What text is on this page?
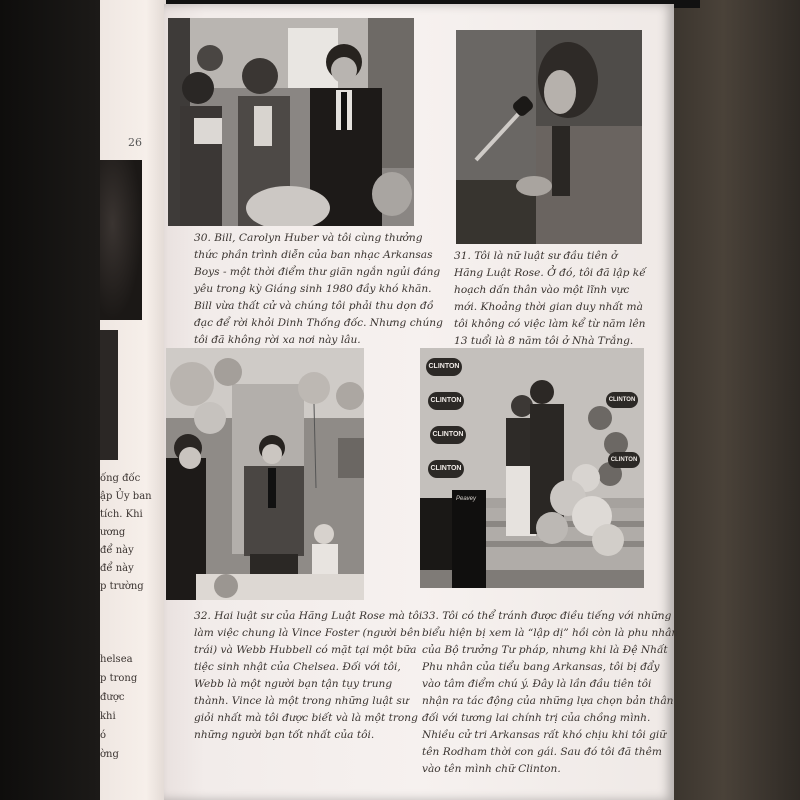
26
ống đốc
ập Ủy ban
tích. Khi
ương
để này
để này
p trường
helsea
p trong
được
khi
ó
ờng
CLINTON
CLINTON
CLINTON
CLINTON
CLINTON
CLINTON
Peavey
30. Bill, Carolyn Huber và tôi cùng thưởng
thức phần trình diễn của ban nhạc Arkansas
Boys - một thời điểm thư giãn ngắn ngủi đáng
yêu trong kỳ Giáng sinh 1980 đầy khó khăn.
Bill vừa thất cử và chúng tôi phải thu dọn đồ
đạc để rời khỏi Dinh Thống đốc. Nhưng chúng
tôi đã không rời xa nơi này lâu.
31. Tôi là nữ luật sư đầu tiên ở
Hãng Luật Rose. Ở đó, tôi đã lập kế
hoạch dấn thân vào một lĩnh vực
mới. Khoảng thời gian duy nhất mà
tôi không có việc làm kể từ năm lên
13 tuổi là 8 năm tôi ở Nhà Trắng.
32. Hai luật sư của Hãng Luật Rose mà tôi
làm việc chung là Vince Foster (người bên
trái) và Webb Hubbell có mặt tại một bữa
tiệc sinh nhật của Chelsea. Đối với tôi,
Webb là một người bạn tận tụy trung
thành. Vince là một trong những luật sư
giỏi nhất mà tôi được biết và là một trong
những người bạn tốt nhất của tôi.
33. Tôi có thể tránh được điều tiếng với những
biểu hiện bị xem là “lập dị” hồi còn là phu nhân
của Bộ trưởng Tư pháp, nhưng khi là Đệ Nhất
Phu nhân của tiểu bang Arkansas, tôi bị đẩy
vào tâm điểm chú ý. Đây là lần đầu tiên tôi
nhận ra tác động của những lựa chọn bản thân
đối với tương lai chính trị của chồng mình.
Nhiều cử tri Arkansas rất khó chịu khi tôi giữ
tên Rodham thời con gái. Sau đó tôi đã thêm
vào tên mình chữ Clinton.
